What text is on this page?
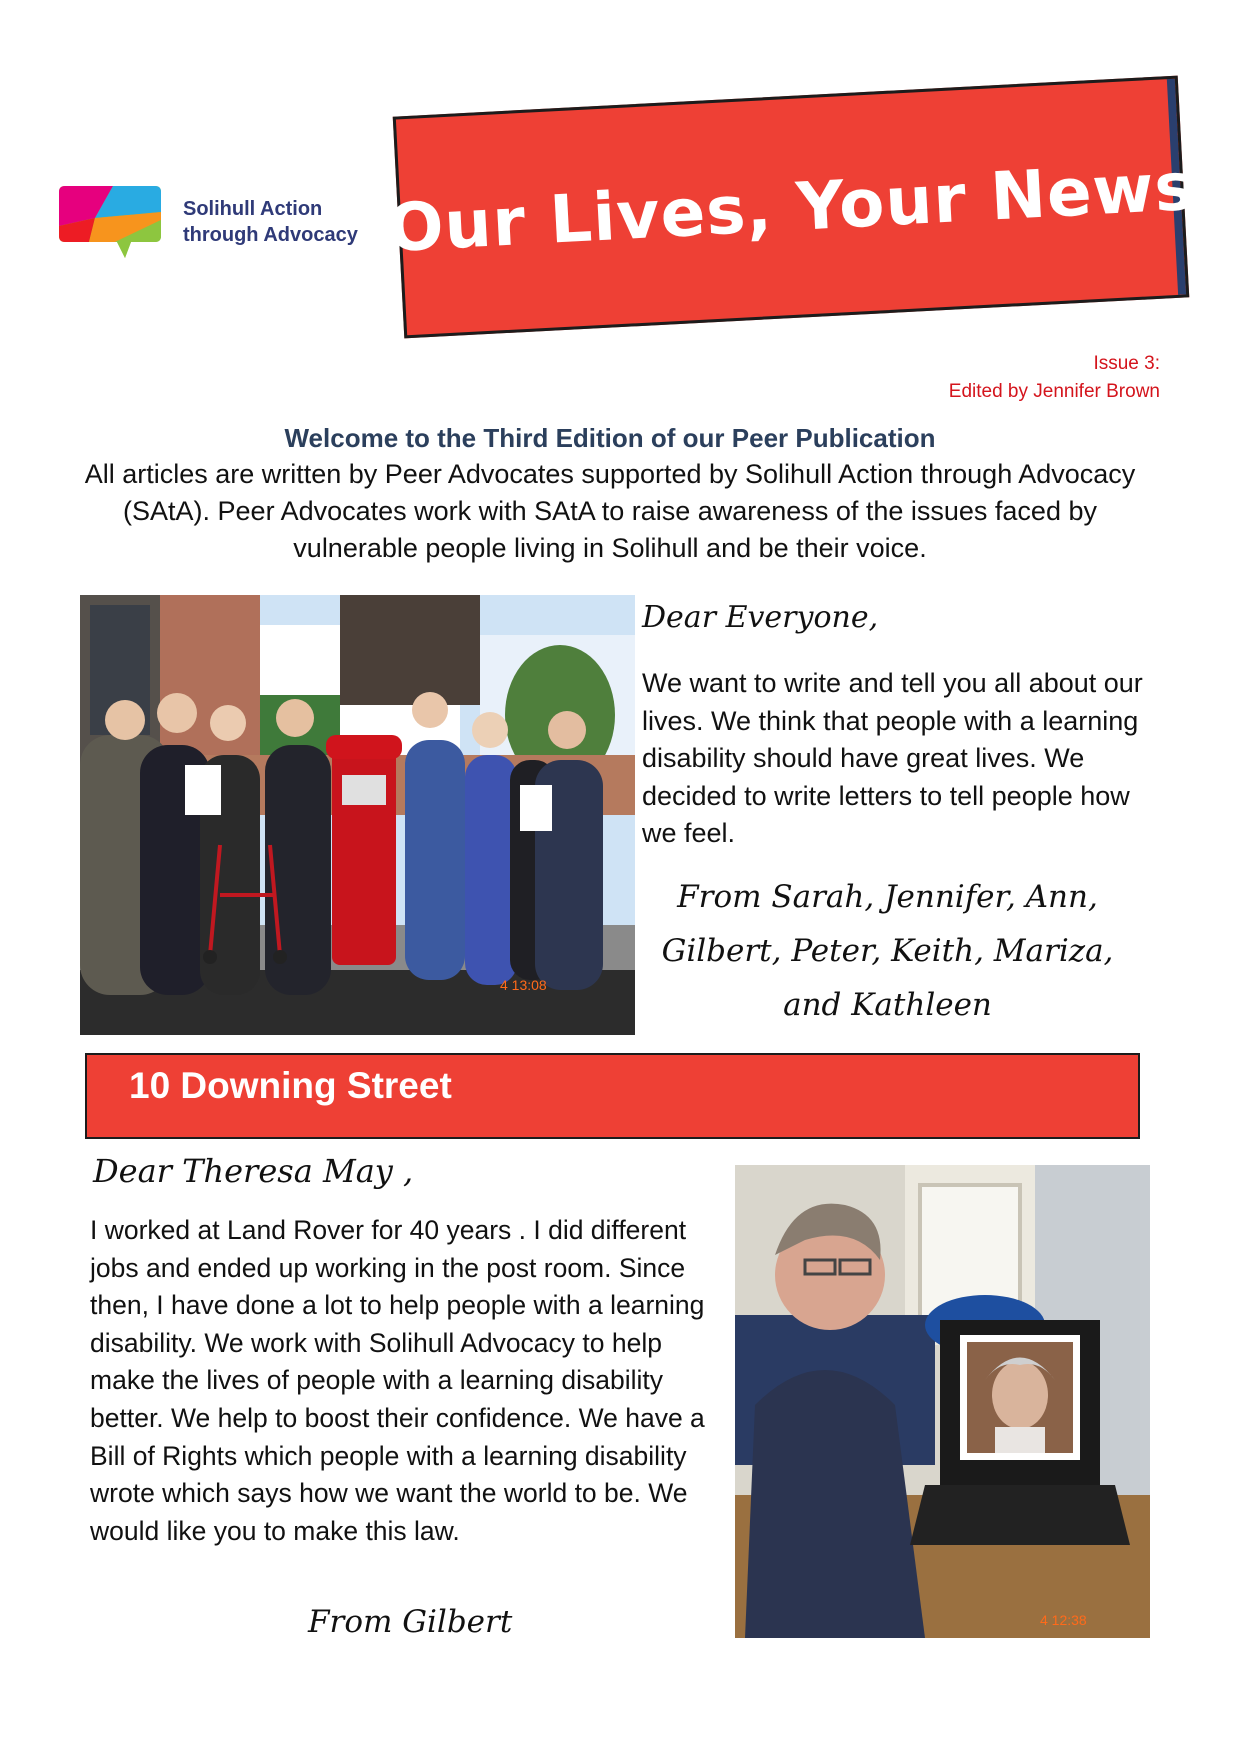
Solihull Action
through Advocacy Our Lives, Your News
Issue 3:
Edited by Jennifer Brown
Welcome to the Third Edition of our Peer Publication
All articles are written by Peer Advocates supported by Solihull Action through Advocacy (SAtA). Peer Advocates work with SAtA to raise awareness of the issues faced by vulnerable people living in Solihull and be their voice.
4 13:08
Dear Everyone,
We want to write and tell you all about our lives. We think that people with a learning disability should have great lives. We decided to write letters to tell people how we feel.
From Sarah, Jennifer, Ann,
Gilbert, Peter, Keith, Mariza,
and Kathleen
10 Downing Street
Dear Theresa May ,
I worked at Land Rover for 40 years . I did different jobs and ended up working in the post room. Since then, I have done a lot to help people with a learning disability. We work with Solihull Advocacy to help make the lives of people with a learning disability better. We help to boost their confidence. We have a Bill of Rights which people with a learning disability wrote which says how we want the world to be. We would like you to make this law.
From Gilbert	4 12:38
